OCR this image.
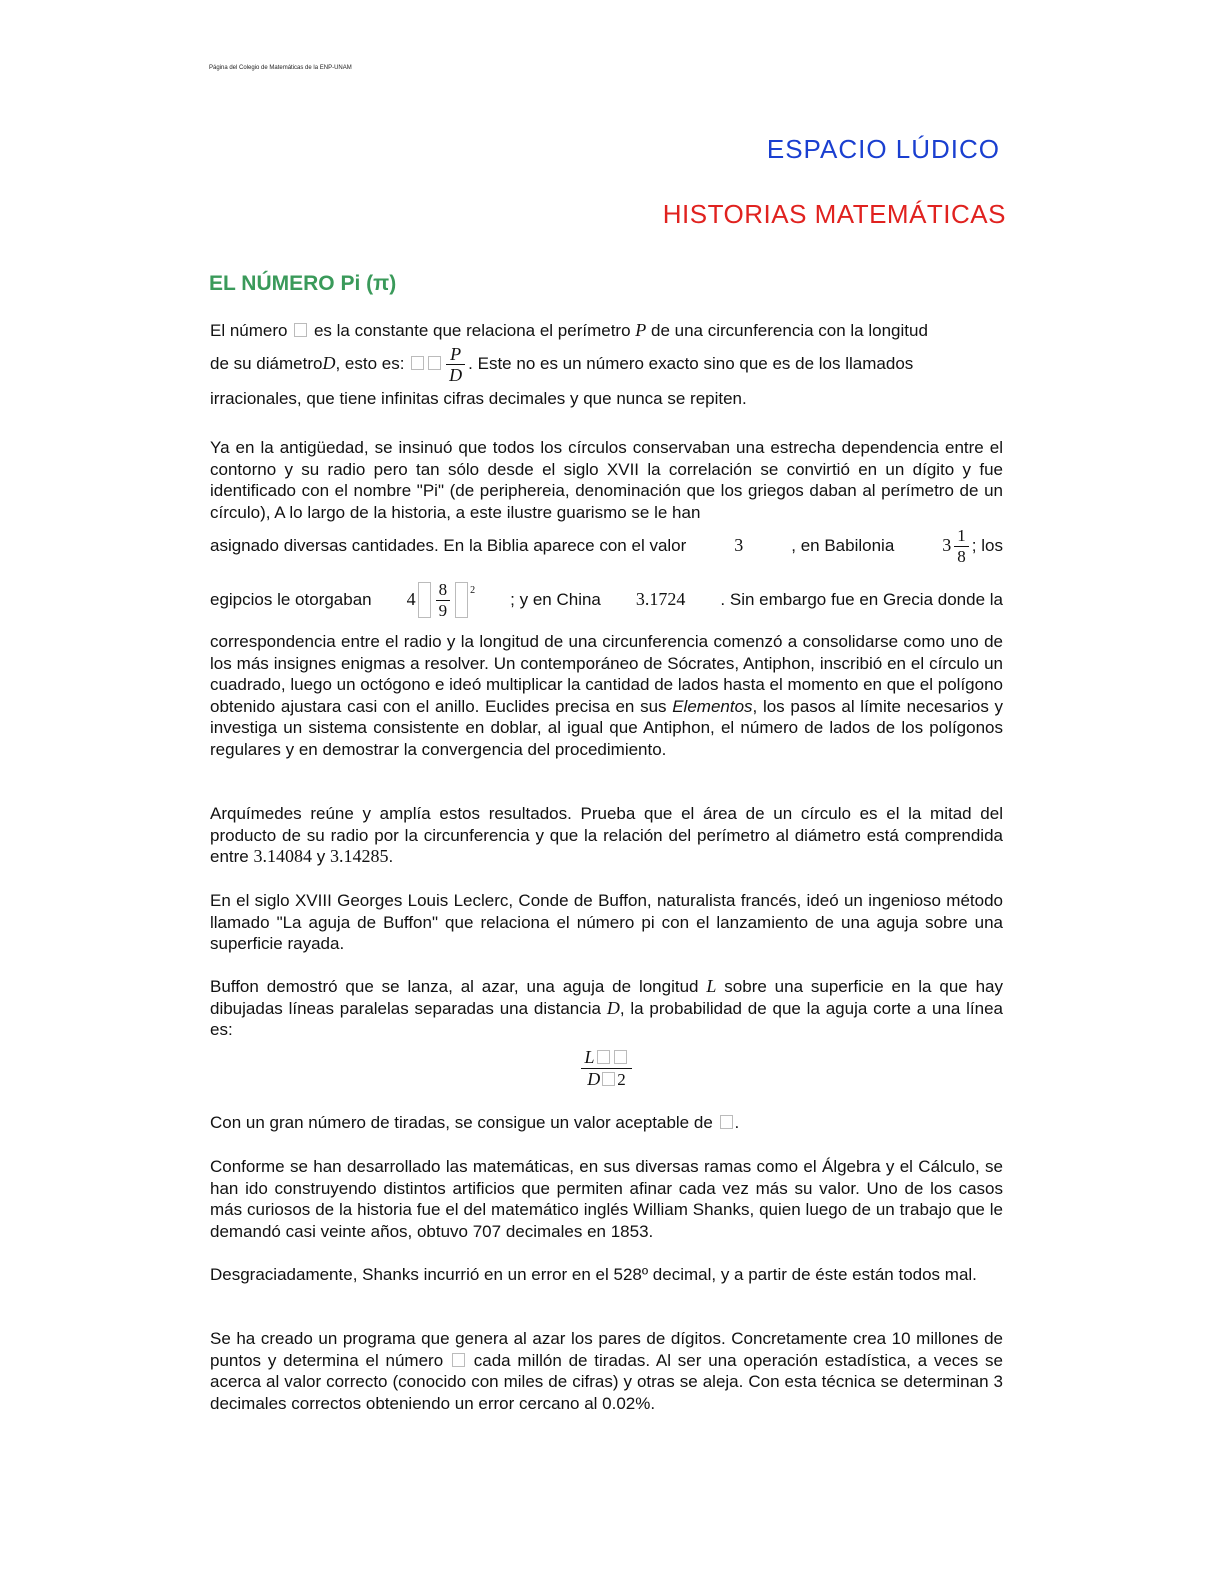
Página del Colegio de Matemáticas de la ENP-UNAM
ESPACIO LÚDICO
HISTORIAS MATEMÁTICAS
EL NÚMERO Pi (π)
El número es la constante que relaciona el perímetro P de una circunferencia con la longitud
de su diámetroD, esto es: $\frac{P}{D}$ . Este no es un número exacto sino que es de los llamados

irracionales, que tiene infinitas cifras decimales y que nunca se repiten.

Ya en la antigüedad, se insinuó que todos los círculos conservaban una estrecha dependencia entre el contorno y su radio pero tan sólo desde el siglo XVII la correlación se convirtió en un dígito y fue identificado con el nombre "Pi" (de periphereia, denominación que los griegos daban al perímetro de un círculo), A lo largo de la historia, a este ilustre guarismo se le han

asignado diversas cantidades. En la Biblia aparece con el valor	3	, en Babilonia	$3 \frac{1}{8}$ ; los
egipcios le otorgaban $4 \frac{8}{9} ^2$
; y en China 3.1724 . Sin embargo fue en Grecia donde la

correspondencia entre el radio y la longitud de una circunferencia comenzó a consolidarse como uno de los más insignes enigmas a resolver. Un contemporáneo de Sócrates, Antiphon, inscribió en el círculo un cuadrado, luego un octógono e ideó multiplicar la cantidad de lados hasta el momento en que el polígono obtenido ajustara casi con el anillo. Euclides precisa en sus Elementos, los pasos al límite necesarios y investiga un sistema consistente en doblar, al igual que Antiphon, el número de lados de los polígonos regulares y en demostrar la convergencia del procedimiento.

Arquímedes reúne y amplía estos resultados. Prueba que el área de un círculo es el la mitad del producto de su radio por la circunferencia y que la relación del perímetro al diámetro está comprendida entre 3.14084 y 3.14285.

En el siglo XVIII Georges Louis Leclerc, Conde de Buffon, naturalista francés, ideó un ingenioso método llamado "La aguja de Buffon" que relaciona el número pi con el lanzamiento de una aguja sobre una superficie rayada.

Buffon demostró que se lanza, al azar, una aguja de longitud L sobre una superficie en la que hay dibujadas líneas paralelas separadas una distancia D, la probabilidad de que la aguja corte a una línea es:

$\frac{L}{D 2}$

Con un gran número de tiradas, se consigue un valor aceptable de .

Conforme se han desarrollado las matemáticas, en sus diversas ramas como el Álgebra y el Cálculo, se han ido construyendo distintos artificios que permiten afinar cada vez más su valor. Uno de los casos más curiosos de la historia fue el del matemático inglés William Shanks, quien luego de un trabajo que le demandó casi veinte años, obtuvo 707 decimales en 1853.

Desgraciadamente, Shanks incurrió en un error en el 528º decimal, y a partir de éste están todos mal.

Se ha creado un programa que genera al azar los pares de dígitos. Concretamente crea 10 millones de puntos y determina el número cada millón de tiradas. Al ser una operación estadística, a veces se acerca al valor correcto (conocido con miles de cifras) y otras se aleja. Con esta técnica se determinan 3 decimales correctos obteniendo un error cercano al 0.02%.
